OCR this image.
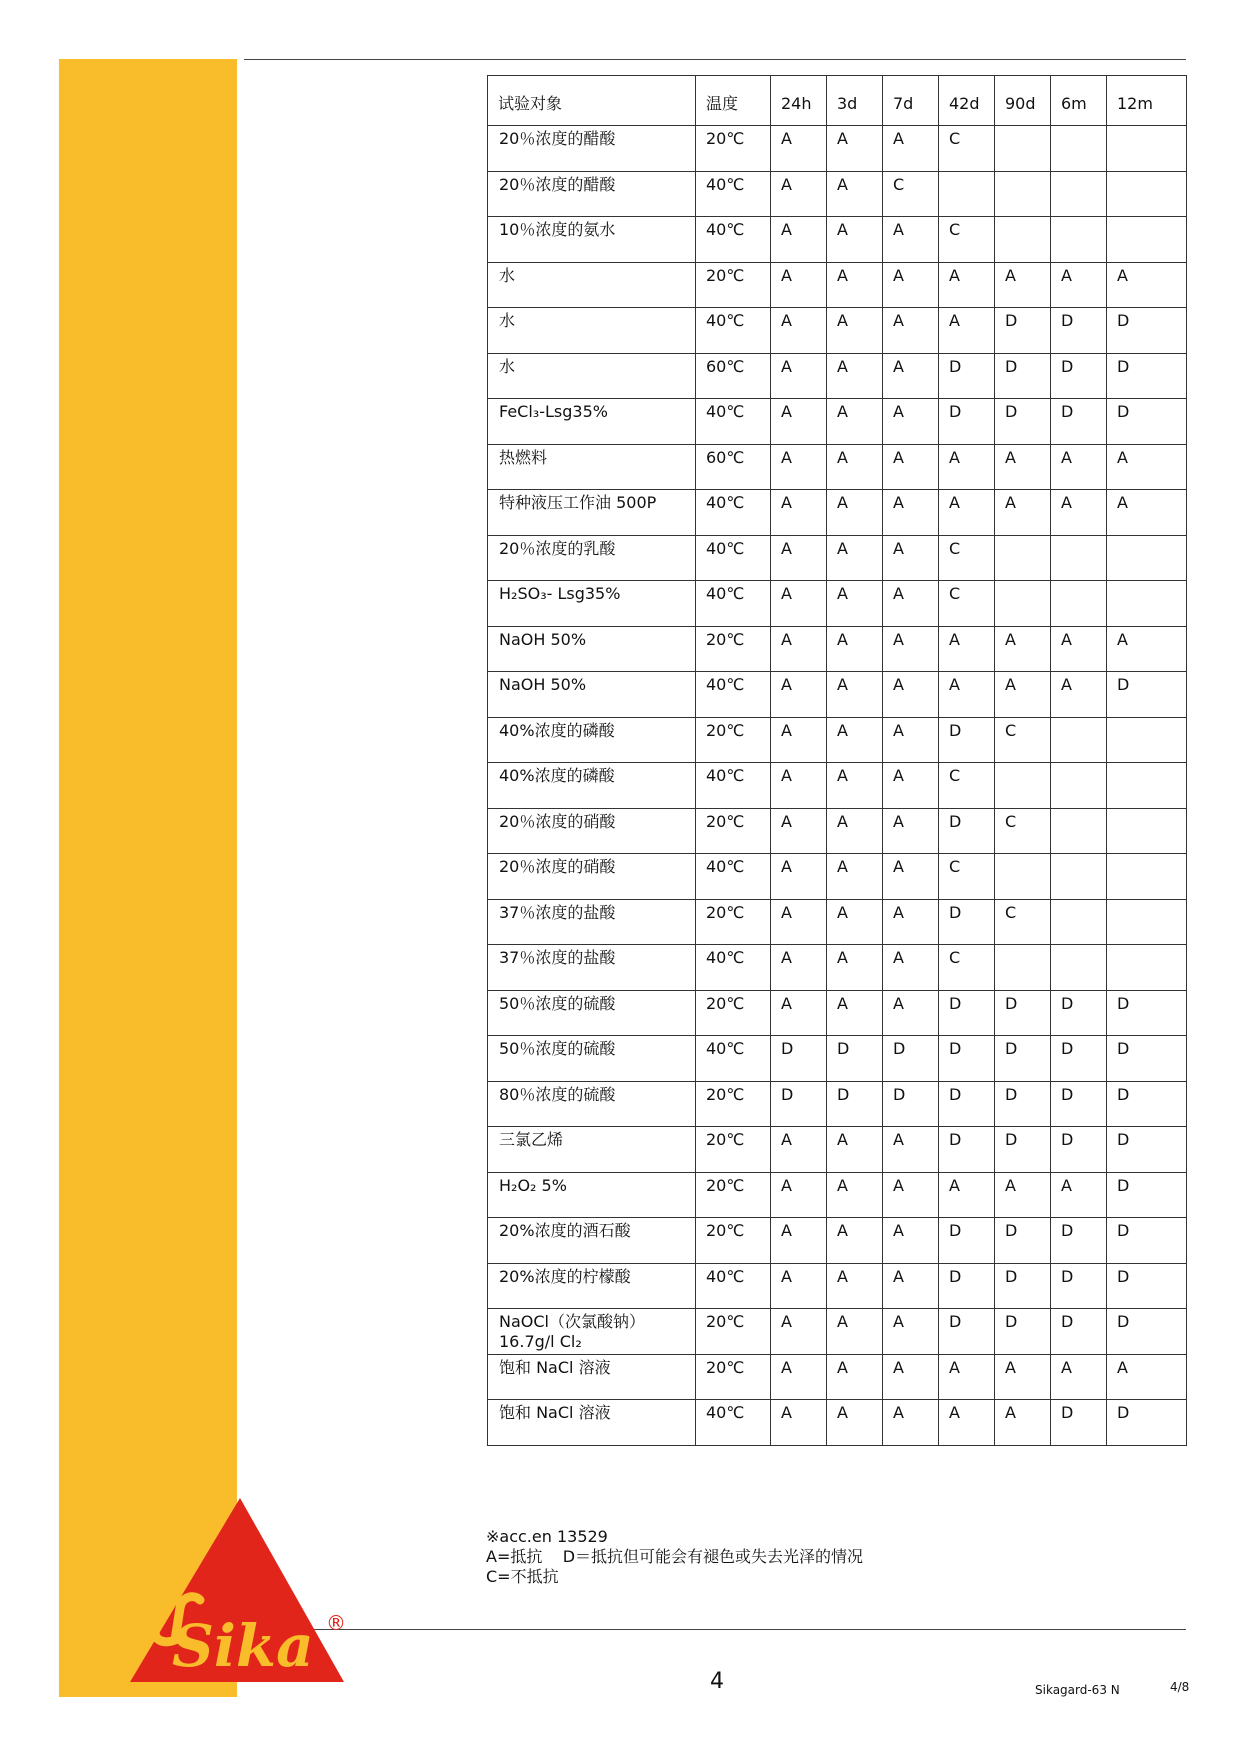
Sika ®
试验对象	温度	24h	3d	7d	42d	90d	6m	12m
20％浓度的醋酸	20℃	A	A	A	C			
20％浓度的醋酸	40℃	A	A	C				
10％浓度的氨水	40℃	A	A	A	C			
水	20℃	A	A	A	A	A	A	A
水	40℃	A	A	A	A	D	D	D
水	60℃	A	A	A	D	D	D	D
FeCl₃-Lsg35%	40℃	A	A	A	D	D	D	D
热燃料	60℃	A	A	A	A	A	A	A
特种液压工作油 500P	40℃	A	A	A	A	A	A	A
20％浓度的乳酸	40℃	A	A	A	C			
H₂SO₃- Lsg35%	40℃	A	A	A	C			
NaOH 50%	20℃	A	A	A	A	A	A	A
NaOH 50%	40℃	A	A	A	A	A	A	D
40%浓度的磷酸	20℃	A	A	A	D	C		
40%浓度的磷酸	40℃	A	A	A	C			
20％浓度的硝酸	20℃	A	A	A	D	C		
20％浓度的硝酸	40℃	A	A	A	C			
37％浓度的盐酸	20℃	A	A	A	D	C		
37％浓度的盐酸	40℃	A	A	A	C			
50％浓度的硫酸	20℃	A	A	A	D	D	D	D
50％浓度的硫酸	40℃	D	D	D	D	D	D	D
80％浓度的硫酸	20℃	D	D	D	D	D	D	D
三氯乙烯	20℃	A	A	A	D	D	D	D
H₂O₂ 5%	20℃	A	A	A	A	A	A	D
20%浓度的酒石酸	20℃	A	A	A	D	D	D	D
20%浓度的柠檬酸	40℃	A	A	A	D	D	D	D
NaOCl（次氯酸钠）16.7g/l Cl₂	20℃	A	A	A	D	D	D	D
饱和 NaCl 溶液	20℃	A	A	A	A	A	A	A
饱和 NaCl 溶液	40℃	A	A	A	A	A	D	D
※acc.en 13529
A=抵抗    D＝抵抗但可能会有褪色或失去光泽的情况
C=不抵抗
4	Sikagard-63 N	4/8
